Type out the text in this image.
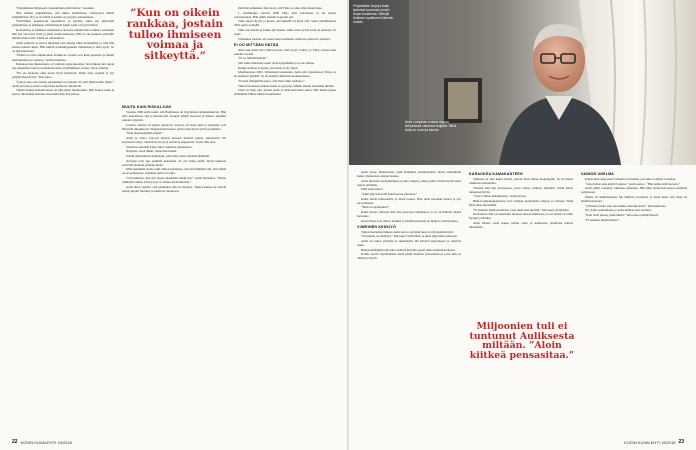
“Ensimmäiset hiljaisesti. Kokoiminen pitää tahtoa.” Asaanko.

Niin kaikun ympärillinen, että näkee maailmassa voimavarat tämän kehittämässä. Nyt ei ole hätää ja kaikki on pysynyt aikataulussa.

Ystävälliset keskustelut tasoittuivat ja pilattua aikaa nyt käytetään pandemiasta ja päämajan edistymisestä Sekin Aulis on tyytyväinen.

Kokoimista ja kaikkien maailmassa olevasta kohtelevista toimista osallistuu hän itse varovasti esiin ja pitää kodin kunnossa. Hän ei ole koskaan palvellut mitään mutta tutki. Tämä on toimenkuva.

Aulis palautui ja katsoi mielensä että uskoisi ehkä nuorimman ja elää hän kanssa kaunis aikaa. Hän kiittää sotakumppaneita toimistaan ja niitä ajoja. Se on järjestyksessä.

“Elämä on ollut aikamoinen. Kaikki ne vuodet ovat kuin paperisia ja niiden muistaminen on vaikeaa,” Aulis muistelee.

Ratkaisevana muutoksena oli vaimoni Anja kuolema. Sen jälkeen piti oppia itse tekemään ruoka ja hoitamaan kotia. Ensimmäiset vuodet olivat raskaita.

“En ole koskaan ollut kovin hyvä keittiössä, mutta olen oppinut ja nyt pärjään ihan hyvin,” hän sanoo.

“Sanon aina että toisten tapaaminen on tärkeää. Ei pidä jäädä kotiin yksin,” Aulis korostaa ja kertoo käyvänsä kerhossa viikoittain.

Tämän kaiken keskellä Aulis on säilyttänyt huumorinsa. Hän nauraa usein ja kertoo mielellään tarinoita nuoruudestaan Karjalassa.

”Kun on oikein rankkaa, jostain tulloo ihmiseen voimaa ja sitkeyttä.”
MUUTA KUIN RISKALJUNI

Vuonna 1996 Aulis kuuli, että Haalmassa oli myynnissä rintamamiestalo. Hän kävi katsomassa sitä ja ihastui heti. Kaupat tehtiin nopeasti ja muutto tapahtui samana syksynä.

Uusissa oloissa oli paljon opittavaa. Talossa oli suuri piha ja puutarha, jota hän hoiti innokkaasti. Naapureiden kanssa syntyi pian hyviä ystävyyssuhteita.

“Ihan maalaisjärjellä pärjää.”

Aulis ja Olavi veli-oiti tekivät vuosien mittaan paljon yhteistyötä. He korjasivat taloja, rakensivat aitoja ja auttoivat naapureita. Työtä riitti aina.

Sanoittaa aikoihin Timo alkoi vaikuttaa pääsuurelta.

Nöijaani, sanoi läkäri, mene hierontaan.

Totuin muuttamaan mukanani, sanoi hän, mene takaisin lääkäriin.

Avoinna työn apu pelkkiin kokonaan. Se oli vaikea hetki, mutta kaikesta selvittiin yhdessä perheen tuella.

Mitä enemmän Aulis pohti Timon kuolemaa, sitä selvemmäksi tuli, että elämä on arvaamatonta. Jokainen päivä on lahja.

“Oli hankalaa, kun piti oppia tekemään kaikki itse,” Aulis muistelee. “Mutta vähitellen siihen tottui ja nyt se tuntuu luonnolliselta.”

Aulis alkoi ajatella, että paikkansa hän on löytänyt. Timon kanssa he tekivät retkiä ympäri Suomea ja nauttivat luonnosta.

mitä hän kehuskeli, hän totesi, että Timo on aina ollut sitkeä mies.

1. helmikuuta vuonna 2000 Timo kävi sairaalassa ja sai tiedon sairaudestaan. Hän päätti taistella loppuun asti.

Timo jaksoi hyvin ja kertoi, että hänellä oli hyvä olla. Vasta tammikuussa 2001 kunto romahti.

Timo sai mennä ja kaikki jäi kesken. Aulis tunsi syvää surua ja menetys oli suuri.

Viimeinen taistelu oli raskas koko perheelle, mutta he jaksoivat yhdessä.

EI OO MITTÄÄN HÄTÄÄ

Aina kun Aulis kävi Timon luona, hän kysyi vointia, ja Timo vastasi aina samalla tavalla.

“Ei oo mittään hättää.”

Sitä Aulis muistelee usein vielä nykyäänkin ja se tuo lohtua.

Kumpi kohtasi ja kertoi, että Aulis ei ole yksin.

Maaliskuussa 2001, viimeisenä lauantaina, Aulis kävi tapaamassa Timoa ja he puhuivat pitkään. Se oli heidän viimeinen keskustelunsa.

“Pastori ilmapiirillä sanoi, että Timo lähti rauhassa.”

Timon kuoleman jälkeen Aulis ei pystynyt vähään aikaan tekemään mitään.

Vielä on siitä, että, jolloin Aulis ei enää kaivannut surua. Hän halusi jatkaa elämäänsä Timon muiston kunniaksi.

22 KODIN KUVALEHTI 19/2018
Perjantaisin Anja ja Aulis lauloivat kuorossa ennen Anjan kuolemaa. Siitä jäi Auliksen sydämeen lämmin muisto.
Aulis Lampisen kotona riippuu kehyksissä valokuva Anjasta. Siinä Anja on nuori ja kaunis.

Aulis sanoo muistavansa vielä elämänsä yksityiskohtia, myös tärkeimmät hetket yhteiselosta Anjan kanssa.

Aulis mielestä sopeutuminen on aina vaikeaa, mutta pitää yrittää löytää uusia asioita elämään.

Mitä aulis tekee?

“Aulis käy kävelyllä kaksi kertaa päivässä.”

Kaksi tuntia kuntosalilla ja sitten lounas. Hän pitää itsestään huolta ja syö terveellisesti.

“Mitä on tapahtunut?”

Kaksi kertaa viikossa hän käy kuorossa laulamassa ja se on hänelle tärkeä harrastus.

Kuorolaiset ovat tulleet tutuiksi ja heidän kanssaan on mukava viettää aikaa.

VIIMEINEN KESKIYÖ

Timon kuoleman jälkeen Aulis kertoi, että hän tunsi syvää yksinäisyyttä.

“Eteenpäin on mentävä,” hän sanoi tyttärelleen ja alkoi järjestellä asioitaan.

Aulis sai tukea ystäviltä ja sukulaisilta. He kävivät katsomassa ja soittivat usein.

Hänen elämäänsä tuli uutta sisältöä kun hän tapasi uusia ihmisiä kerhossa.

Kolme vuotta myöhemmin Aulis päätti muuttaa palvelutaloon, jossa hän on viihtynyt hyvin.

KARAOKEA KAMAKANTEEN

Viikossa on aina kaksi päivää, jolloin Aulis lähtee kaupungille. Se on hänen viikkonsa kohokohta.

Yleensä hän käy karaokessa, jossa laulaa vanhoja iskelmiä. Siellä hänet tunnetaan hyvin.

“Saan voimaa laulamisesta,” Aulis kertoo.

Hänen lempikappaleensa ovat vanhoja suomalaisia tangoja ja valsseja. Niitä hän laulaa mielellään.

“Ei kannata jäädä suremaan, vaan pitää elää täysillä,” hän sanoo hymyillen.

Karaokessa hän on tutustunut moneen uuteen ihmiseen, ja osa heistä on tullut hyviksi ystäviksi.

Aulis haluaa vielä kokea paljon uutta ja matkustaa tyttärensä kanssa ulkomaille.

Miljoonien tuli ei tuntunut Auliksesta miltään. ”Aloin kiitkeä pensasitaa.”
VAIMON UNELMA

Ennen kuin Anja kuoli, hänellä oli unelma, jota hän ei ehtinyt toteuttaa.

“Anja halusi aina käydä Lapissa,” Aulis kertoo. “Hän puhui siitä monesti.”

Aulis päätti toteuttaa vaimonsa unelman. Hän lähti tyttärensä kanssa matkalle pohjoiseen.

Matka oli ikimuistoinen. He näkivät revontulet ja Aulis tunsi, että Anja oli heidän kanssaan.

“Oli hieno hetki, kun seisoimme tunturin laella,” hän muistelee.

Nyt Aulis suunnittelee jo uutta matkaa ensi talveksi.

“Kun vielä jaksaa, pitää lähteä,” hän sanoo päättäväisesti.

“Ei kannata miettiä liikaa.”

KODIN KUVALEHTI 19/2018 23
